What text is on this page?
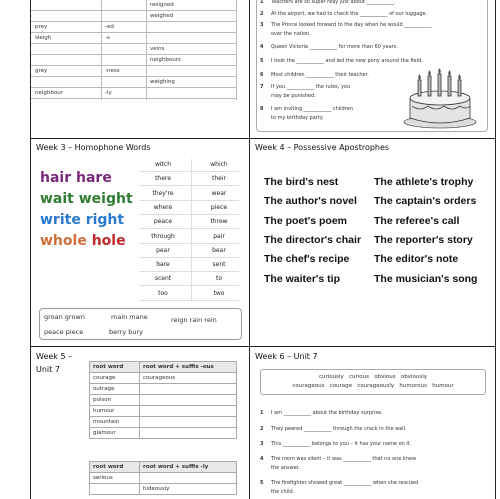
resigned
weighed
prey	-ed
sleigh	-s
veins
neighbours
grey	-ness
weighing
neighbour	-ly
1 Teachers are so super reay just about ___________.
2 At the airport, we had to check the ___________ of our luggage.
3 The Prince looked forward to the day when he would ___________
over the nation.
4 Queen Victoria ___________ for more than 60 years.
5 I took the ___________ and led the new pony around the field.
6 Most children ___________ their teacher.
7 If you ___________ the rules, you
may be punished.
8 I am inviting ___________ children
to my birthday party.
Week 3 – Homophone Words
hair hare
wait weight
write right
whole hole
witch	which
there	their
they're	wear
where	piece
peace	threw
through	pair
pear	bear
bare	sent
scent	to
too	two
groan grown	main mane	reign rain rein
peace piece	berry bury
Week 4 – Possessive Apostrophes
The bird's nest	The athlete's trophy
The author's novel The captain's orders
The poet's poem	The referee's call
The director's chair The reporter's story
The chef's recipe The editor's note
The waiter's tip	The musician's song
Week 5 –
Unit 7	root word	root word + suffix -ous
courage	courageous
outrage	
poison	
humour	
mountain	
glamour	
root word	root word + suffix -ly
serious	
	hideously
Week 6 – Unit 7
curiously   curious   obvious   obviously
courageous   courage   courageously   humorous   humour
1 I am ___________ about the birthday surprise.
2 They peered ___________ through the crack in the wall.
3 This ___________ belongs to you – it has your name on it.
4 The room was silent – it was ___________ that no one knew
the answer.
5 The firefighter showed great ___________ when she rescued
the child.
